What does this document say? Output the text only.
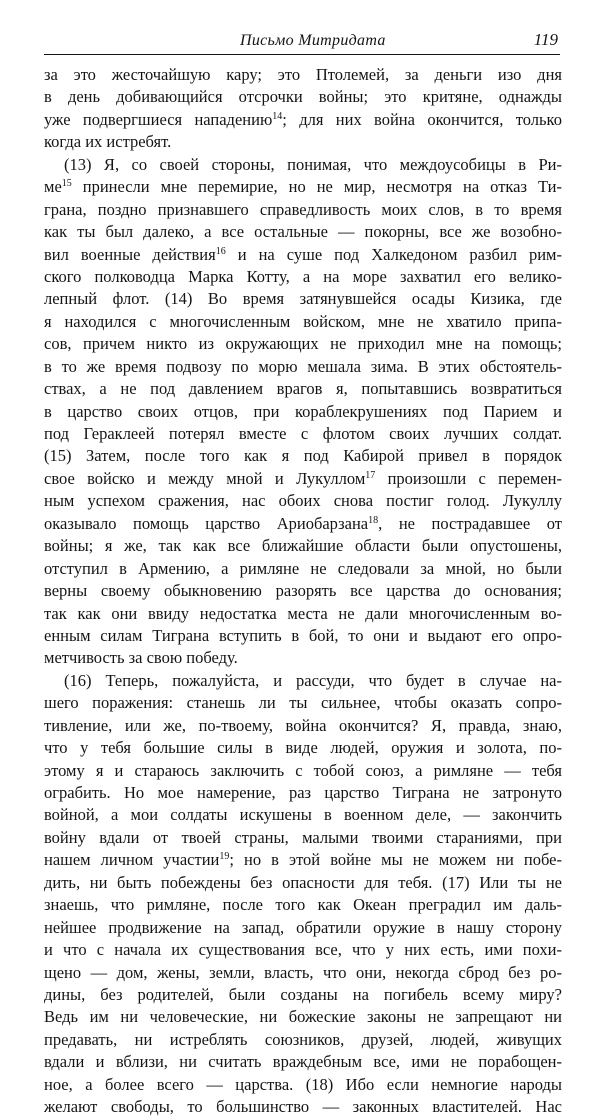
Письмо Митридата	119
за это жесточайшую кару; это Птолемей, за деньги изо дня
в день добивающийся отсрочки войны; это критяне, однажды
уже подвергшиеся нападению$^{14}$; для них война окончится, только
когда их истребят.
(13) Я, со своей стороны, понимая, что междоусобицы в Ри-
ме$^{15}$ принесли мне перемирие, но не мир, несмотря на отказ Ти-
грана, поздно признавшего справедливость моих слов, в то время
как ты был далеко, а все остальные — покорны, все же возобно-
вил военные действия$^{16}$ и на суше под Халкедоном разбил рим-
ского полководца Марка Котту, а на море захватил его велико-
лепный флот. (14) Во время затянувшейся осады Кизика, где
я находился с многочисленным войском, мне не хватило припа-
сов, причем никто из окружающих не приходил мне на помощь;
в то же время подвозу по морю мешала зима. В этих обстоятель-
ствах, а не под давлением врагов я, попытавшись возвратиться
в царство своих отцов, при кораблекрушениях под Парием и
под Гераклеей потерял вместе с флотом своих лучших солдат.
(15) Затем, после того как я под Кабирой привел в порядок
свое войско и между мной и Лукуллом$^{17}$ произошли с перемен-
ным успехом сражения, нас обоих снова постиг голод. Лукуллу
оказывало помощь царство Ариобарзана$^{18}$, не пострадавшее от
войны; я же, так как все ближайшие области были опустошены,
отступил в Армению, а римляне не следовали за мной, но были
верны своему обыкновению разорять все царства до основания;
так как они ввиду недостатка места не дали многочисленным во-
енным силам Тиграна вступить в бой, то они и выдают его опро-
метчивость за свою победу.
(16) Теперь, пожалуйста, и рассуди, что будет в случае на-
шего поражения: станешь ли ты сильнее, чтобы оказать сопро-
тивление, или же, по-твоему, война окончится? Я, правда, знаю,
что у тебя большие силы в виде людей, оружия и золота, по-
этому я и стараюсь заключить с тобой союз, а римляне — тебя
ограбить. Но мое намерение, раз царство Тиграна не затронуто
войной, а мои солдаты искушены в военном деле, — закончить
войну вдали от твоей страны, малыми твоими стараниями, при
нашем личном участии$^{19}$; но в этой войне мы не можем ни побе-
дить, ни быть побеждены без опасности для тебя. (17) Или ты не
знаешь, что римляне, после того как Океан преградил им даль-
нейшее продвижение на запад, обратили оружие в нашу сторону
и что с начала их существования все, что у них есть, ими похи-
щено — дом, жены, земли, власть, что они, некогда сброд без ро-
дины, без родителей, были созданы на погибель всему миру?
Ведь им ни человеческие, ни божеские законы не запрещают ни
предавать, ни истреблять союзников, друзей, людей, живущих
вдали и вблизи, ни считать враждебным все, ими не порабощен-
ное, а более всего — царства. (18) Ибо если немногие народы
желают свободы, то большинство — законных властителей. Нас
